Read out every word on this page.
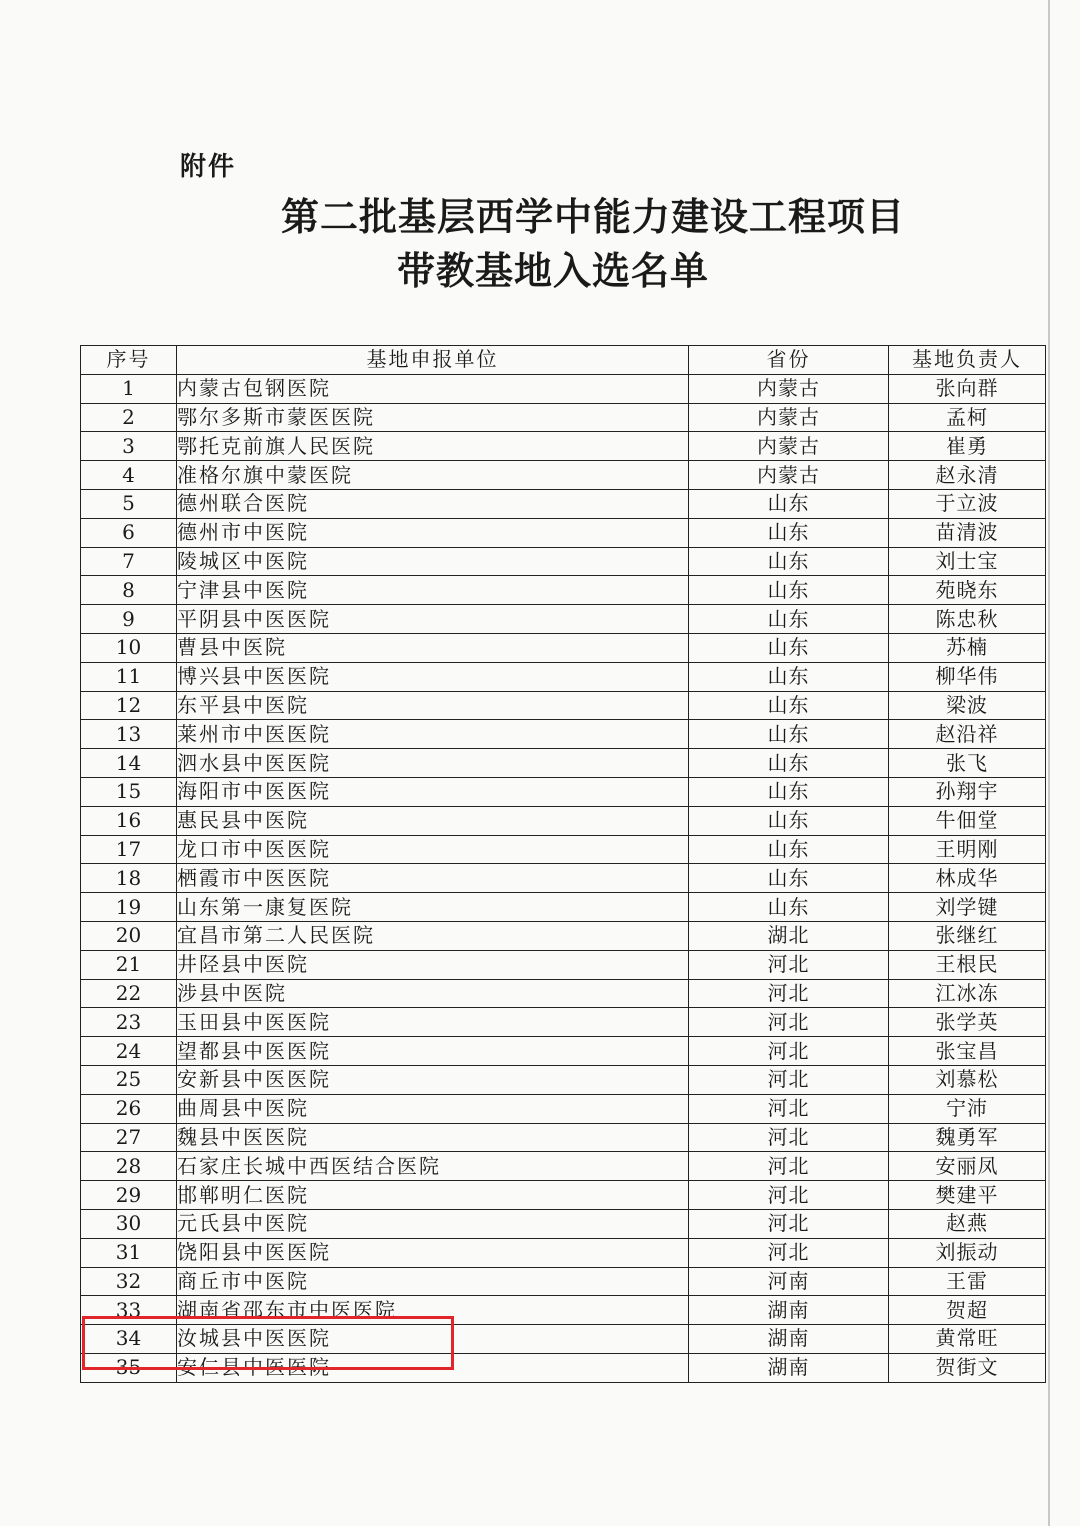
附件
第二批基层西学中能力建设工程项目
带教基地入选名单
序号	基地申报单位	省份	基地负责人
1	内蒙古包钢医院	内蒙古	张向群
2	鄂尔多斯市蒙医医院	内蒙古	孟柯
3	鄂托克前旗人民医院	内蒙古	崔勇
4	准格尔旗中蒙医院	内蒙古	赵永清
5	德州联合医院	山东	于立波
6	德州市中医院	山东	苗清波
7	陵城区中医院	山东	刘士宝
8	宁津县中医院	山东	苑晓东
9	平阴县中医医院	山东	陈忠秋
10	曹县中医院	山东	苏楠
11	博兴县中医医院	山东	柳华伟
12	东平县中医院	山东	梁波
13	莱州市中医医院	山东	赵沿祥
14	泗水县中医医院	山东	张飞
15	海阳市中医医院	山东	孙翔宇
16	惠民县中医院	山东	牛佃堂
17	龙口市中医医院	山东	王明刚
18	栖霞市中医医院	山东	林成华
19	山东第一康复医院	山东	刘学键
20	宜昌市第二人民医院	湖北	张继红
21	井陉县中医院	河北	王根民
22	涉县中医院	河北	江冰冻
23	玉田县中医医院	河北	张学英
24	望都县中医医院	河北	张宝昌
25	安新县中医医院	河北	刘慕松
26	曲周县中医院	河北	宁沛
27	魏县中医医院	河北	魏勇军
28	石家庄长城中西医结合医院	河北	安丽凤
29	邯郸明仁医院	河北	樊建平
30	元氏县中医院	河北	赵燕
31	饶阳县中医医院	河北	刘振动
32	商丘市中医院	河南	王雷
33	湖南省邵东市中医医院	湖南	贺超
34	汝城县中医医院	湖南	黄常旺
35	安仁县中医医院	湖南	贺街文
